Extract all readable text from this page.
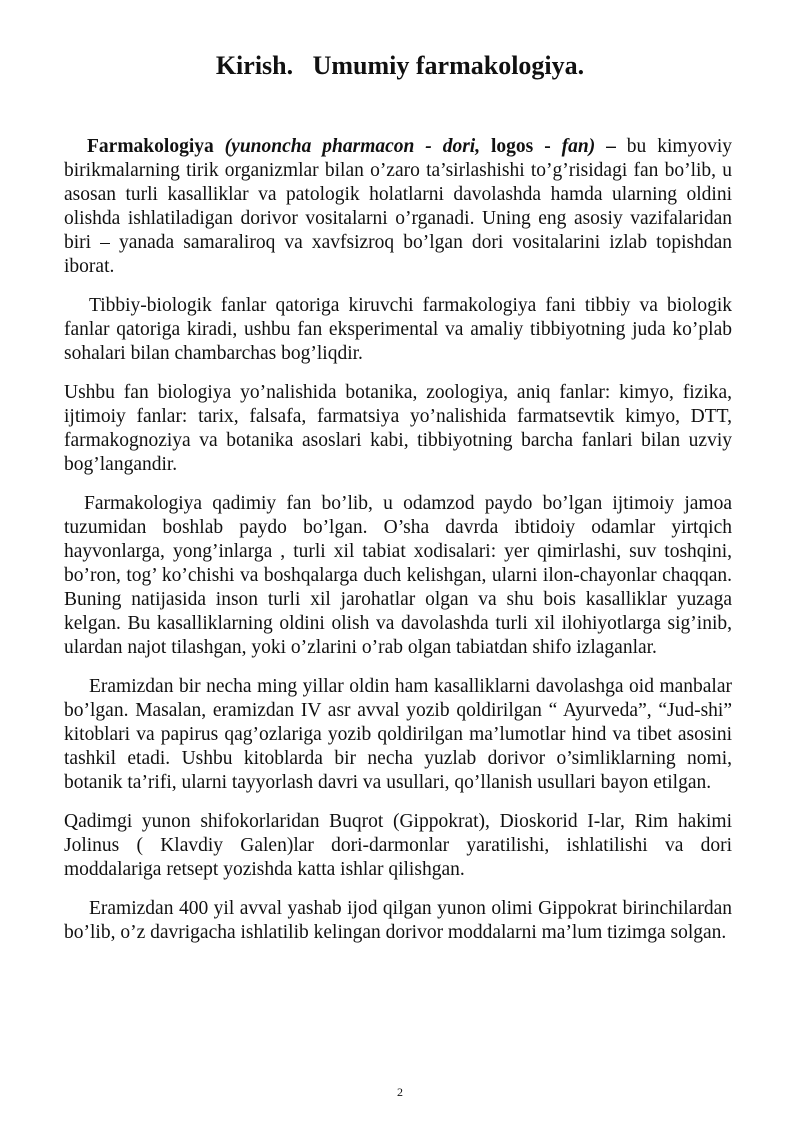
Kirish.   Umumiy farmakologiya.

Farmakologiya (yunoncha pharmacon - dori, logos - fan) – bu kimyoviy birikmalarning tirik organizmlar bilan o’zaro ta’sirlashishi to’g’risidagi fan bo’lib, u asosan turli kasalliklar va patologik holatlarni davolashda hamda ularning oldini olishda ishlatiladigan dorivor vositalarni o’rganadi. Uning eng asosiy vazifalaridan biri – yanada samaraliroq va xavfsizroq bo’lgan dori vositalarini izlab topishdan iborat.

Tibbiy-biologik fanlar qatoriga kiruvchi farmakologiya fani tibbiy va biologik fanlar qatoriga kiradi, ushbu fan eksperimental va amaliy tibbiyotning juda ko’plab sohalari bilan chambarchas bog’liqdir.

Ushbu fan biologiya yo’nalishida botanika, zoologiya, aniq fanlar: kimyo, fizika, ijtimoiy fanlar: tarix, falsafa, farmatsiya yo’nalishida farmatsevtik kimyo, DTT, farmakognoziya va botanika asoslari kabi, tibbiyotning barcha fanlari bilan uzviy bog’langandir.

Farmakologiya qadimiy fan bo’lib, u odamzod paydo bo’lgan ijtimoiy jamoa tuzumidan boshlab paydo bo’lgan. O’sha davrda ibtidoiy odamlar yirtqich hayvonlarga, yong’inlarga , turli xil tabiat xodisalari: yer qimirlashi, suv toshqini, bo’ron, tog’ ko’chishi va boshqalarga duch kelishgan, ularni ilon-chayonlar chaqqan. Buning natijasida inson turli xil jarohatlar olgan va shu bois kasalliklar yuzaga kelgan. Bu kasalliklarning oldini olish va davolashda turli xil ilohiyotlarga sig’inib, ulardan najot tilashgan, yoki o’zlarini o’rab olgan tabiatdan shifo izlaganlar.

Eramizdan bir necha ming yillar oldin ham kasalliklarni davolashga oid manbalar bo’lgan. Masalan, eramizdan IV asr avval yozib qoldirilgan “ Ayurveda”, “Jud-shi” kitoblari va papirus qag’ozlariga yozib qoldirilgan ma’lumotlar hind va tibet asosini tashkil etadi. Ushbu kitoblarda bir necha yuzlab dorivor o’simliklarning nomi, botanik ta’rifi, ularni tayyorlash davri va usullari, qo’llanish usullari bayon etilgan.

Qadimgi yunon shifokorlaridan Buqrot (Gippokrat), Dioskorid I-lar, Rim hakimi Jolinus ( Klavdiy Galen)lar dori-darmonlar yaratilishi, ishlatilishi va dori moddalariga retsept yozishda katta ishlar qilishgan.

Eramizdan 400 yil avval yashab ijod qilgan yunon olimi Gippokrat birinchilardan bo’lib, o’z davrigacha ishlatilib kelingan dorivor moddalarni ma’lum tizimga solgan.

2
